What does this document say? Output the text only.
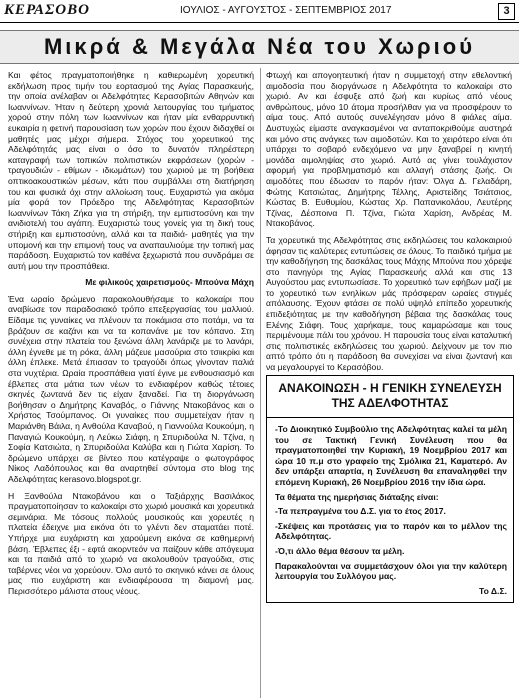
ΚΕΡΑΣΟΒΟ	ΙΟΥΛΙΟΣ - ΑΥΓΟΥΣΤΟΣ - ΣΕΠΤΕΜΒΡΙΟΣ 2017	3
Μικρά & Μεγάλα Νέα του Χωριού

Και φέτος πραγματοποιήθηκε η καθιερωμένη χορευτική εκδήλωση προς τιμήν του εορτασμού της Αγίας Παρασκευής, την οποία ανέλαβαν οι Αδελφότητες Κερασοβιτών Αθηνών και Ιωαννίνων. Ήταν η δεύτερη χρονιά λειτουργίας του τμήματος χορού στην πόλη των Ιωαννίνων και ήταν μία ενθαρρυντική ευκαιρία η φετινή παρουσίαση των χορών που έχουν διδαχθεί οι μαθητές μας μέχρι σήμερα. Στόχος του χορευτικού της Αδελφότητάς μας είναι ο όσο το δυνατόν πληρέστερη καταγραφή των τοπικών πολιτιστικών εκφράσεων (χορών - τραγουδιών - εθίμων - ιδιωμάτων) του χωριού με τη βοήθεια οπτικοακουστικών μέσων, κάτι που συμβάλλει στη διατήρηση του και φυσικά όχι στην αλλοίωση τους. Ευχαριστώ για ακόμα μία φορά τον Πρόεδρο της Αδελφότητας Κερασοβιτών Ιωαννίνων Τάκη Ζήκα για τη στήριξη, την εμπιστοσύνη και την ανιδιοτελή του αγάπη. Ευχαριστώ τους γονείς για τη δική τους στήριξη και εμπιστοσύνη, αλλά και τα παιδιά- μαθητές για την υπομονή και την επιμονή τους να αναπαυλιούμε την τοπική μας παράδοση. Ευχαριστώ τον καθένα ξεχωριστά που συνδράμει σε αυτή μου την προσπάθεια.

Με φιλικούς χαιρετισμούς- Μπούνα Μάχη

Ένα ωραίο δρώμενο παρακολουθήσαμε το καλοκαίρι που αναβίωσε τον παραδοσιακό τρόπο επεξεργασίας του μαλλιού. Είδαμε τις γυναίκες να πλένουν τα ποκάμισα στο ποτάμι, να τα βράζουν σε καζάνι και να τα κοπανάνε με τον κόπανο. Στη συνέχεια στην πλατεία του ξενώνα άλλη λανάριζε με το λανάρι, άλλη έγνεθε με τη ρόκα, άλλη μάζευε μασούρια στο τσιικρίκι και άλλη έπλεκε. Μετά έπιασαν το τραγούδι όπως γίνονταν παλιά στα νυχτέρια. Ωραία προσπάθεια γιατί έγινε με ενθουσιασμό και έβλεπες στα μάτια των νέων το ενδιαφέρον καθώς τέτοιες σκηνές ζωντανά δεν τις είχαν ξαναδεί. Για τη διοργάνωση βοήθησαν ο Δημήτρης Καναβός, ο Γιάννης Ντακοβάνος και ο Χρήστος Τσούμπανος. Οι γυναίκες που συμμετείχαν ήταν η Μαριάνθη Βάιλα, η Ανθούλα Καναβού, η Γιαννούλα Κουκούμη, η Παναγιώ Κουκούμη, η Λεύκω Σιάφη, η Σπυριδούλα Ν. Τζίνα, η Σοφία Κατσιώτα, η Σπυριδούλα Καλύβα και η Γιώτα Χαρίση. Το δρώμενο υπάρχει σε βίντεο που κατέγραψε ο φωτογράφος Νίκος Λαδόπουλος και θα αναρτηθεί σύντομα στο blog της Αδελφότητας kerasovo.blogspot.gr.

Η Ξανθούλα Ντακοβάνου και ο Ταξιάρχης Βασιλάκος πραγματοποίησαν το καλοκαίρι στο χωριό μουσικά και χορευτικά σεμινάρια. Με τόσους πολλούς μουσικούς και χορευτές η πλατεία έδειχνε μια εικόνα ότι το γλέντι δεν σταματάει ποτέ. Υπήρχε μια ευχάριστη και χαρούμενη εικόνα σε καθημερινή βάση. Έβλεπες έξι - εφτά ακορντεόν να παίζουν κάθε απόγευμα και τα παιδιά από το χωριό να ακολουθούν τραγούδια, στις ταβέρνες νέοι να χορεύουν. Όλο αυτό το σκηνικό κάνει σε όλους μας πιο ευχάριστη και ενδιαφέρουσα τη διαμονή μας. Περισσότερο μάλιστα στους νέους.

Φτωχή και απογοητευτική ήταν η συμμετοχή στην εθελοντική αιμοδοσία που διοργάνωσε η Αδελφότητα το καλοκαίρι στο χωριό. Αν και έσφυξε από ζωή και κυρίως από νέους ανθρώπους, μόνο 10 άτομα προσήλθαν για να προσφέρουν το αίμα τους. Από αυτούς συνελέγησαν μόνο 8 φιάλες αίμα. Δυστυχώς είμαστε αναγκασμένοι να ανταποκριθούμε αυστηρά και μόνο στις ανάγκες των αιμοδοτών. Και το χειρότερο είναι ότι υπάρχει το σοβαρό ενδεχόμενο να μην ξαναβρεί η κινητή μονάδα αιμοληψίας στο χωριό. Αυτό ας γίνει τουλάχιστον αφορμή για προβληματισμό και αλλαγή στάσης ζωής. Οι αιμοδότες που έδωσαν το παρόν ήταν: Όλγα Δ. Γελαδάρη, Φώτης Κατσιώτας, Δημήτρης Τέλλης, Αριστείδης Τσιάτσιος, Κώστας Β. Ευθυμίου, Κώστας Χρ. Παπανικολάου, Λευτέρης Τζίνας, Δέσποινα Π. Τζίνα, Γιώτα Χαρίση, Ανδρέας Μ. Ντακοβάνος.

Τα χορευτικά της Αδελφότητας στις εκδηλώσεις του καλοκαιριού άφησαν τις καλύτερες εντυπώσεις σε όλους. Το παιδικό τμήμα με την καθοδήγηση της δασκάλας τους Μάχης Μπούνα που χόρεψε στο πανηγύρι της Αγίας Παρασκευής αλλά και στις 13 Αυγούστου μας εντυπωσίασε. Το χορευτικό των εφήβων μαζί με το χορευτικό των ενηλίκων μάς πρόσφεραν ωραίες στιγμές απόλαυσης. Έχουν φτάσει σε πολύ υψηλό επίπεδο χορευτικής επιδεξιότητας με την καθοδήγηση βέβαια της δασκάλας τους Ελένης Σιάφη. Τους χαρήκαμε, τους καμαρώσαμε και τους περιμένουμε πάλι του χρόνου. Η παρουσία τους είναι καταλυτική στις πολιτιστικές εκδηλώσεις του χωριού. Δείχνουν με τον πιο απτό τρόπο ότι η παράδοση θα συνεχίσει να είναι ζωντανή και να μεγαλουργεί το Κερασόβου.

ΑΝΑΚΟΙΝΩΣΗ - Η ΓΕΝΙΚΗ ΣΥΝΕΛΕΥΣΗ ΤΗΣ ΑΔΕΛΦΟΤΗΤΑΣ

-Το Διοικητικό Συμβούλιο της Αδελφότητας καλεί τα μέλη του σε Τακτική Γενική Συνέλευση που θα πραγματοποιηθεί την Κυριακή, 19 Νοεμβρίου 2017 και ώρα 10 π.μ στο γραφείο της Σμόλικα 21, Καματερό. Αν δεν υπάρξει απαρτία, η Συνέλευση θα επαναληφθεί την επόμενη Κυριακή, 26 Νοεμβρίου 2016 την ίδια ώρα.

Τα θέματα της ημερήσιας διάταξης είναι:

-Τα πεπραγμένα του Δ.Σ. για το έτος 2017.

-Σκέψεις και προτάσεις για το παρόν και το μέλλον της Αδελφότητας.

-Ό,τι άλλο θέμα θέσουν τα μέλη.

Παρακαλούνται να συμμετάσχουν όλοι για την καλύτερη λειτουργία του Συλλόγου μας.

Το Δ.Σ.
